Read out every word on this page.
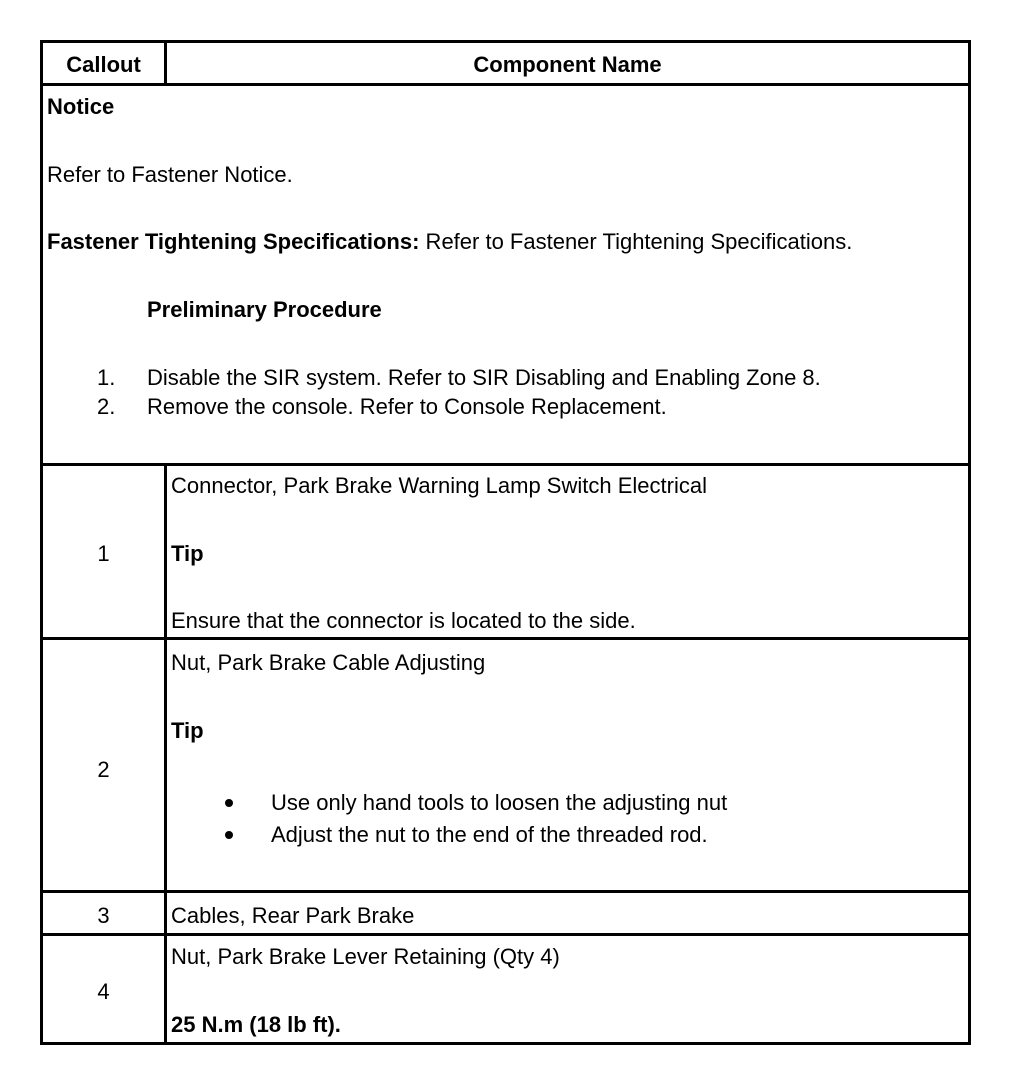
Callout	Component Name
Notice
Refer to Fastener Notice.
Fastener Tightening Specifications: Refer to Fastener Tightening Specifications.
Preliminary Procedure
1. Disable the SIR system. Refer to SIR Disabling and Enabling Zone 8.
2. Remove the console. Refer to Console Replacement.
1
Connector, Park Brake Warning Lamp Switch Electrical
Tip
Ensure that the connector is located to the side.
2
Nut, Park Brake Cable Adjusting
Tip
Use only hand tools to loosen the adjusting nut
Adjust the nut to the end of the threaded rod.
3	Cables, Rear Park Brake
4
Nut, Park Brake Lever Retaining (Qty 4)
25 N.m (18 lb ft).
